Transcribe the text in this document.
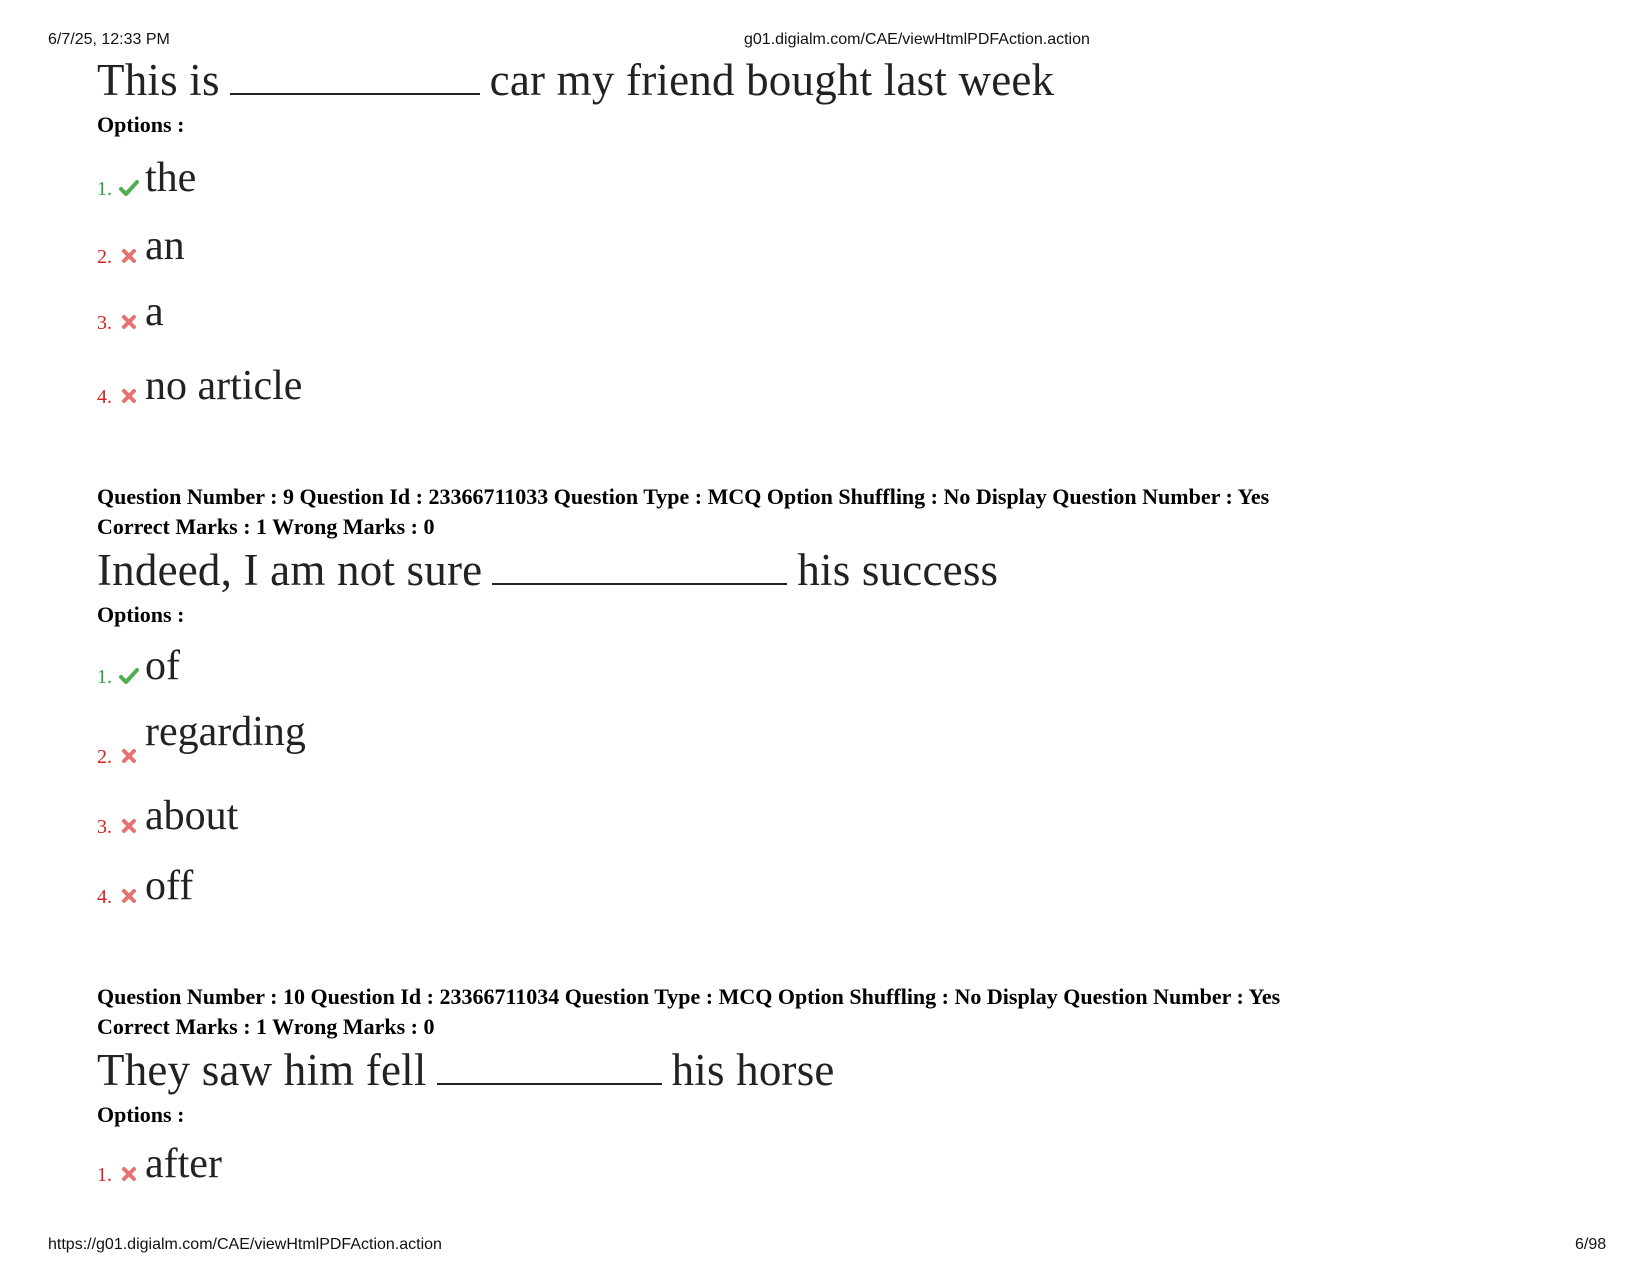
6/7/25, 12:33 PM	g01.digialm.com/CAE/viewHtmlPDFAction.action
This is	car my friend bought last week
Options :
1. the
2. an
3. a
4. no article
Question Number : 9 Question Id : 23366711033 Question Type : MCQ Option Shuffling : No Display Question Number : Yes
Correct Marks : 1 Wrong Marks : 0
Indeed, I am not sure	his success
Options :
1. of
2.
regarding
3. about
4. off
Question Number : 10 Question Id : 23366711034 Question Type : MCQ Option Shuffling : No Display Question Number : Yes
Correct Marks : 1 Wrong Marks : 0
They saw him fell	his horse
Options :
1. after
https://g01.digialm.com/CAE/viewHtmlPDFAction.action	6/98
